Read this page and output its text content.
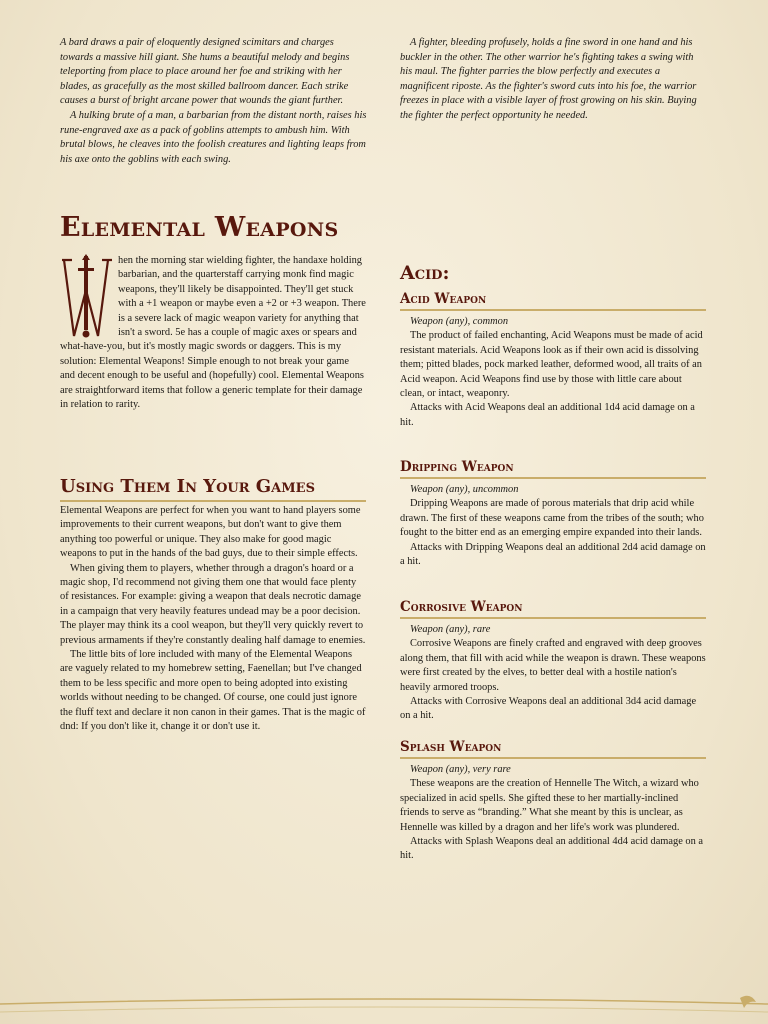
A bard draws a pair of eloquently designed scimitars and charges towards a massive hill giant. She hums a beautiful melody and begins teleporting from place to place around her foe and striking with her blades, as gracefully as the most skilled ballroom dancer. Each strike causes a burst of bright arcane power that wounds the giant further.

A hulking brute of a man, a barbarian from the distant north, raises his rune-engraved axe as a pack of goblins attempts to ambush him. With brutal blows, he cleaves into the foolish creatures and lighting leaps from his axe onto the goblins with each swing.

A fighter, bleeding profusely, holds a fine sword in one hand and his buckler in the other. The other warrior he's fighting takes a swing with his maul. The fighter parries the blow perfectly and executes a magnificent riposte. As the fighter's sword cuts into his foe, the warrior freezes in place with a visible layer of frost growing on his skin. Buying the fighter the perfect opportunity he needed.

Elemental Weapons

hen the morning star wielding fighter, the handaxe holding barbarian, and the quarterstaff carrying monk find magic weapons, they'll likely be disappointed. They'll get stuck with a +1 weapon or maybe even a +2 or +3 weapon. There is a severe lack of magic weapon variety for anything that isn't a sword. 5e has a couple of magic axes or spears and what-have-you, but it's mostly magic swords or daggers. This is my solution: Elemental Weapons! Simple enough to not break your game and decent enough to be useful and (hopefully) cool. Elemental Weapons are straightforward items that follow a generic template for their damage in relation to rarity.

Using Them In Your Games

Elemental Weapons are perfect for when you want to hand players some improvements to their current weapons, but don't want to give them anything too powerful or unique. They also make for good magic weapons to put in the hands of the bad guys, due to their simple effects.

When giving them to players, whether through a dragon's hoard or a magic shop, I'd recommend not giving them one that would face plenty of resistances. For example: giving a weapon that deals necrotic damage in a campaign that very heavily features undead may be a poor decision. The player may think its a cool weapon, but they'll very quickly revert to previous armaments if they're constantly dealing half damage to enemies.

The little bits of lore included with many of the Elemental Weapons are vaguely related to my homebrew setting, Faenellan; but I've changed them to be less specific and more open to being adopted into existing worlds without needing to be changed. Of course, one could just ignore the fluff text and declare it non canon in their games. That is the magic of dnd: If you don't like it, change it or don't use it.

Acid:
Acid Weapon

Weapon (any), common

The product of failed enchanting, Acid Weapons must be made of acid resistant materials. Acid Weapons look as if their own acid is dissolving them; pitted blades, pock marked leather, deformed wood, all traits of an Acid weapon. Acid Weapons find use by those with little care about clean, or intact, weaponry.

Attacks with Acid Weapons deal an additional 1d4 acid damage on a hit.

Dripping Weapon

Weapon (any), uncommon

Dripping Weapons are made of porous materials that drip acid while drawn. The first of these weapons came from the tribes of the south; who fought to the bitter end as an emerging empire expanded into their lands.

Attacks with Dripping Weapons deal an additional 2d4 acid damage on a hit.

Corrosive Weapon

Weapon (any), rare

Corrosive Weapons are finely crafted and engraved with deep grooves along them, that fill with acid while the weapon is drawn. These weapons were first created by the elves, to better deal with a hostile nation's heavily armored troops.

Attacks with Corrosive Weapons deal an additional 3d4 acid damage on a hit.

Splash Weapon

Weapon (any), very rare

These weapons are the creation of Hennelle The Witch, a wizard who specialized in acid spells. She gifted these to her martially-inclined friends to serve as “branding.” What she meant by this is unclear, as Hennelle was killed by a dragon and her life's work was plundered.

Attacks with Splash Weapons deal an additional 4d4 acid damage on a hit.
